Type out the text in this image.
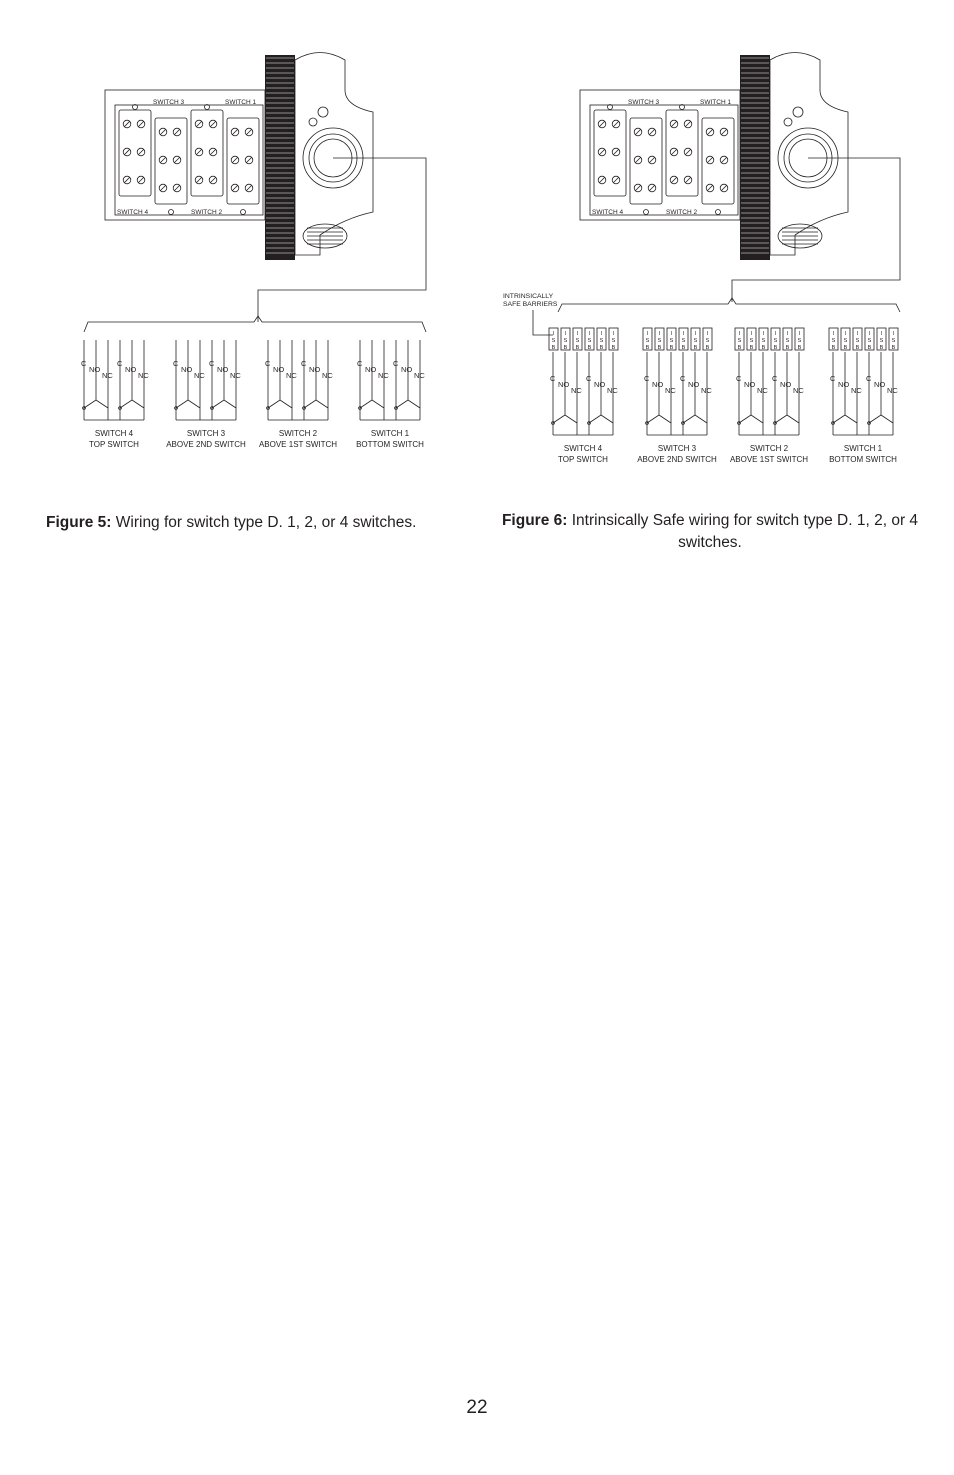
SWITCH 3	SWITCH 1
SWITCH 4	SWITCH 2
C
NO
NC
C
NO
NC
SWITCH 4
TOP SWITCH
C
NO
NC
C
NO
NC
SWITCH 3
ABOVE 2ND SWITCH
C
NO
NC
C
NO
NC
SWITCH 2
ABOVE 1ST SWITCH
C
NO
NC
C
NO
NC
SWITCH 1
BOTTOM SWITCH
Figure 5: Wiring for switch type D. 1, 2, or 4 switches.
SWITCH 3	SWITCH 1
SWITCH 4	SWITCH 2
INTRINSICALLY
SAFE BARRIERS
I
S
B
I
S
B
I
S
B
I
S
B
I
S
B
I
S
B
C
NO
NC
C
NO
NC
SWITCH 4
TOP SWITCH
I
S
B
I
S
B
I
S
B
I
S
B
I
S
B
I
S
B
C
NO
NC
C
NO
NC
SWITCH 3
ABOVE 2ND SWITCH
I
S
B
I
S
B
I
S
B
I
S
B
I
S
B
I
S
B
C
NO
NC
C
NO
NC
SWITCH 2
ABOVE 1ST SWITCH
I
S
B
I
S
B
I
S
B
I
S
B
I
S
B
I
S
B
C
NO
NC
C
NO
NC
SWITCH 1
BOTTOM SWITCH
Figure 6: Intrinsically Safe wiring for switch type D. 1, 2, or 4 switches.
22
